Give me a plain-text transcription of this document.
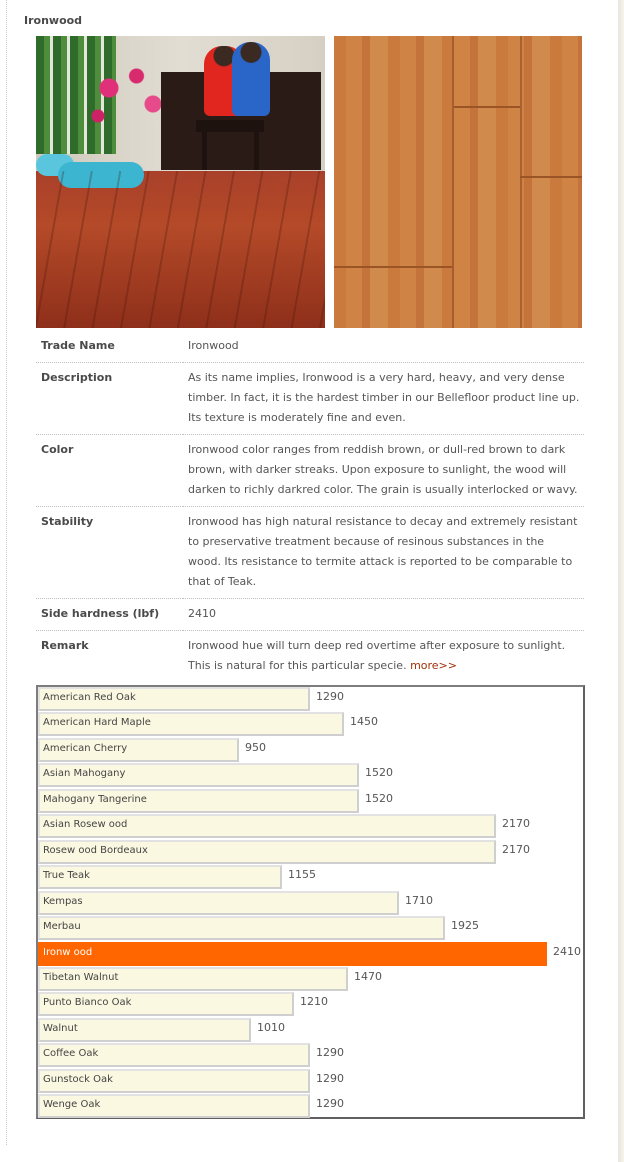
Ironwood
Trade Name	Ironwood
Description	As its name implies, Ironwood is a very hard, heavy, and very dense timber. In fact, it is the hardest timber in our Bellefloor product line up. Its texture is moderately fine and even.
Color	Ironwood color ranges from reddish brown, or dull-red brown to dark brown, with darker streaks. Upon exposure to sunlight, the wood will darken to richly darkred color. The grain is usually interlocked or wavy.
Stability	Ironwood has high natural resistance to decay and extremely resistant to preservative treatment because of resinous substances in the wood. Its resistance to termite attack is reported to be comparable to that of Teak.
Side hardness (lbf)	2410
Remark	Ironwood hue will turn deep red overtime after exposure to sunlight. This is natural for this particular specie. more>>
American Red Oak	1290
American Hard Maple	1450
American Cherry	950
Asian Mahogany	1520
Mahogany Tangerine	1520
Asian Rosew ood	2170
Rosew ood Bordeaux	2170
True Teak	1155
Kempas	1710
Merbau	1925
Ironw ood	2410
Tibetan Walnut	1470
Punto Bianco Oak	1210
Walnut	1010
Coffee Oak	1290
Gunstock Oak	1290
Wenge Oak	1290
